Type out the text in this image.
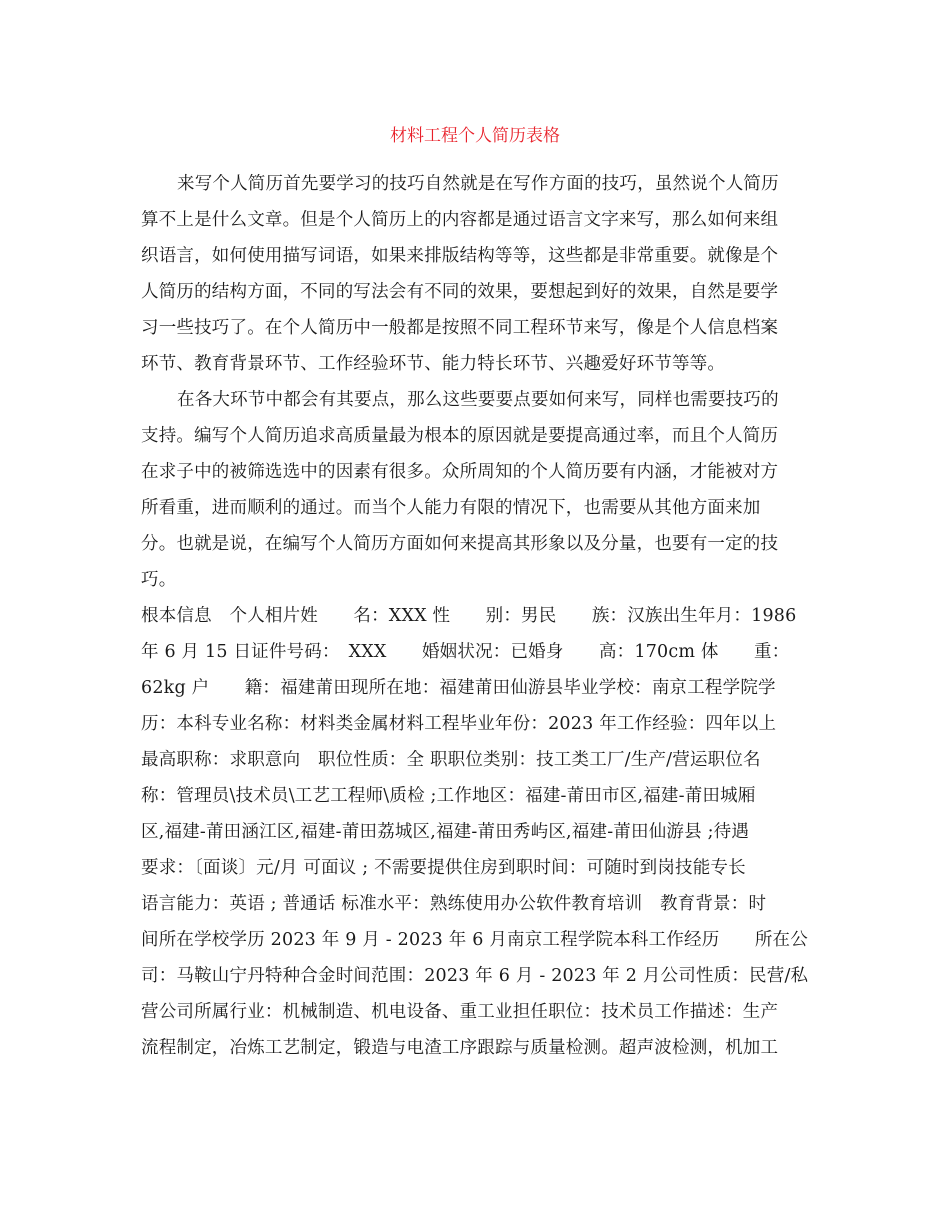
材料工程个人简历表格
来写个人简历首先要学习的技巧自然就是在写作方面的技巧，虽然说个人简历
算不上是什么文章。但是个人简历上的内容都是通过语言文字来写，那么如何来组
织语言，如何使用描写词语，如果来排版结构等等，这些都是非常重要。就像是个
人简历的结构方面，不同的写法会有不同的效果，要想起到好的效果，自然是要学
习一些技巧了。在个人简历中一般都是按照不同工程环节来写，像是个人信息档案
环节、教育背景环节、工作经验环节、能力特长环节、兴趣爱好环节等等。
在各大环节中都会有其要点，那么这些要要点要如何来写，同样也需要技巧的
支持。编写个人简历追求高质量最为根本的原因就是要提高通过率，而且个人简历
在求子中的被筛选选中的因素有很多。众所周知的个人简历要有内涵，才能被对方
所看重，进而顺利的通过。而当个人能力有限的情况下，也需要从其他方面来加
分。也就是说，在编写个人简历方面如何来提高其形象以及分量，也要有一定的技
巧。
根本信息　个人相片姓　　名：XXX 性　　别：男民　　族：汉族出生年月：1986
年 6 月 15 日证件号码：　XXX　　婚姻状况：已婚身　　高：170cm 体　　重：
62kg 户　　籍：福建莆田现所在地：福建莆田仙游县毕业学校：南京工程学院学
历：本科专业名称：材料类金属材料工程毕业年份：2023 年工作经验：四年以上
最高职称：求职意向　职位性质：全 职职位类别：技工类工厂/生产/营运职位名
称：管理员\技术员\工艺工程师\质检 ;工作地区：福建-莆田市区,福建-莆田城厢
区,福建-莆田涵江区,福建-莆田荔城区,福建-莆田秀屿区,福建-莆田仙游县 ;待遇
要求：〔面谈〕元/月 可面议 ; 不需要提供住房到职时间：可随时到岗技能专长
语言能力：英语 ; 普通话 标准水平：熟练使用办公软件教育培训　教育背景：时
间所在学校学历 2023 年 9 月 - 2023 年 6 月南京工程学院本科工作经历　　所在公
司：马鞍山宁丹特种合金时间范围：2023 年 6 月 - 2023 年 2 月公司性质：民营/私
营公司所属行业：机械制造、机电设备、重工业担任职位：技术员工作描述：生产
流程制定，冶炼工艺制定，锻造与电渣工序跟踪与质量检测。超声波检测，机加工
